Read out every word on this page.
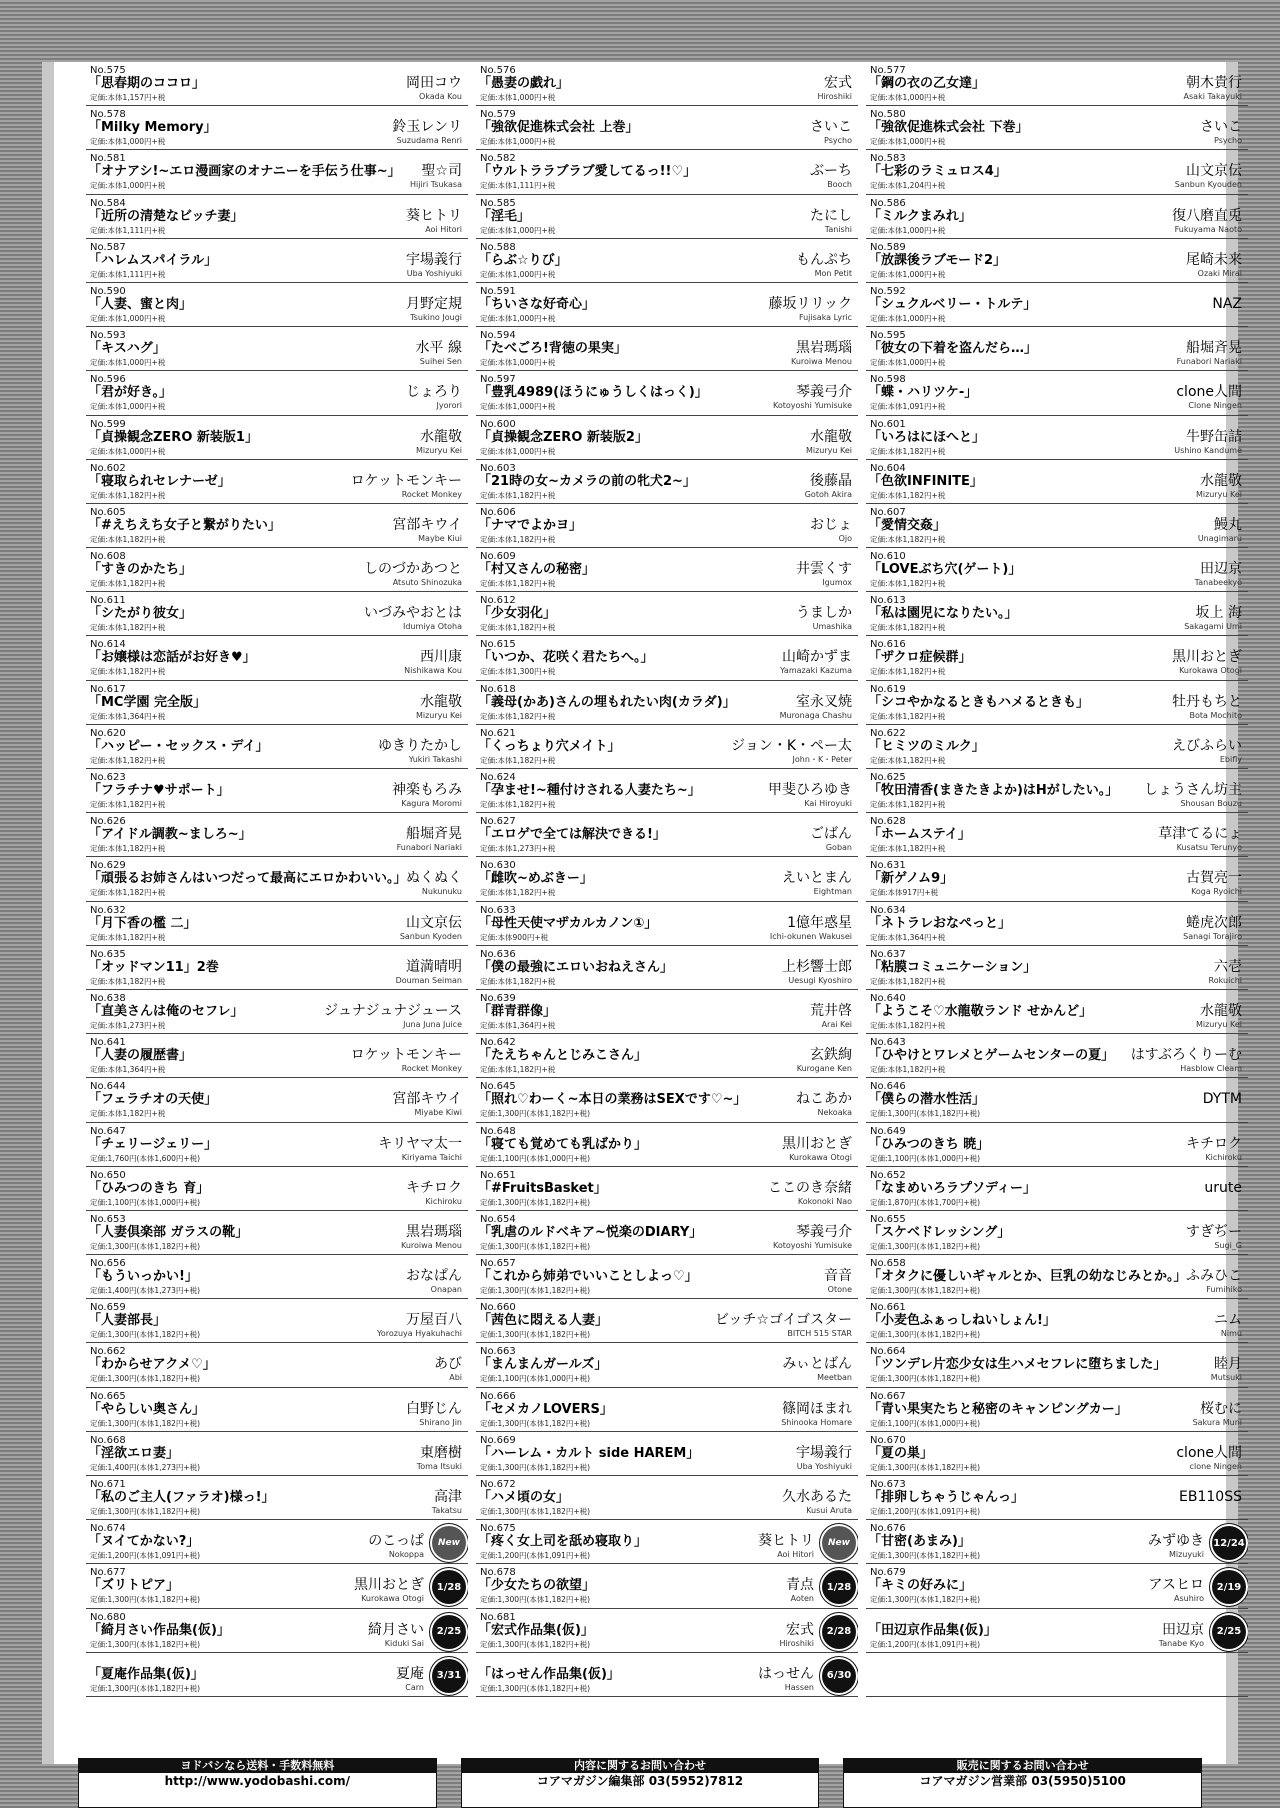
No.575
「思春期のココロ」
定価:本体1,157円+税
岡田コウ
Okada Kou
No.578
「Milky Memory」
定価:本体1,000円+税
鈴玉レンリ
Suzudama Renri
No.581
「オナアシ!~エロ漫画家のオナニーを手伝う仕事~」
定価:本体1,000円+税
聖☆司
Hijiri Tsukasa
No.584
「近所の清楚なビッチ妻」
定価:本体1,111円+税
葵ヒトリ
Aoi Hitori
No.587
「ハレムスパイラル」
定価:本体1,111円+税
宇場義行
Uba Yoshiyuki
No.590
「人妻、蜜と肉」
定価:本体1,000円+税
月野定規
Tsukino Jougi
No.593
「キスハグ」
定価:本体1,000円+税
水平 線
Suihei Sen
No.596
「君が好き。」
定価:本体1,000円+税
じょろり
Jyorori
No.599
「貞操観念ZERO 新装版1」
定価:本体1,000円+税
水龍敬
Mizuryu Kei
No.602
「寝取られセレナーゼ」
定価:本体1,182円+税
ロケットモンキー
Rocket Monkey
No.605
「#えちえち女子と繋がりたい」
定価:本体1,182円+税
宮部キウイ
Maybe Kiui
No.608
「すきのかたち」
定価:本体1,182円+税
しのづかあつと
Atsuto Shinozuka
No.611
「シたがり彼女」
定価:本体1,182円+税
いづみやおとは
Idumiya Otoha
No.614
「お嬢様は恋話がお好き♥」
定価:本体1,182円+税
西川康
Nishikawa Kou
No.617
「MC学園 完全版」
定価:本体1,364円+税
水龍敬
Mizuryu Kei
No.620
「ハッピー・セックス・デイ」
定価:本体1,182円+税
ゆきりたかし
Yukiri Takashi
No.623
「フラチナ♥サポート」
定価:本体1,182円+税
神楽もろみ
Kagura Moromi
No.626
「アイドル調教~ましろ~」
定価:本体1,182円+税
船堀斉晃
Funabori Nariaki
No.629
「頑張るお姉さんはいつだって最高にエロかわいい。」
定価:本体1,182円+税
ぬくぬく
Nukunuku
No.632
「月下香の檻 二」
定価:本体1,182円+税
山文京伝
Sanbun Kyoden
No.635
「オッドマン11」2巻
定価:本体1,182円+税
道満晴明
Douman Seiman
No.638
「直美さんは俺のセフレ」
定価:本体1,273円+税
ジュナジュナジュース
Juna Juna Juice
No.641
「人妻の履歴書」
定価:本体1,364円+税
ロケットモンキー
Rocket Monkey
No.644
「フェラチオの天使」
定価:本体1,182円+税
宮部キウイ
Miyabe Kiwi
No.647
「チェリージェリー」
定価:1,760円(本体1,600円+税)
キリヤマ太一
Kiriyama Taichi
No.650
「ひみつのきち 育」
定価:1,100円(本体1,000円+税)
キチロク
Kichiroku
No.653
「人妻倶楽部 ガラスの靴」
定価:1,300円(本体1,182円+税)
黒岩瑪瑙
Kuroiwa Menou
No.656
「もういっかい!」
定価:1,400円(本体1,273円+税)
おなぱん
Onapan
No.659
「人妻部長」
定価:1,300円(本体1,182円+税)
万屋百八
Yorozuya Hyakuhachi
No.662
「わからせアクメ♡」
定価:1,300円(本体1,182円+税)
あび
Abi
No.665
「やらしい奥さん」
定価:1,300円(本体1,182円+税)
白野じん
Shirano Jin
No.668
「淫欲エロ妻」
定価:1,400円(本体1,273円+税)
東磨樹
Toma Itsuki
No.671
「私のご主人(ファラオ)様っ!」
定価:1,300円(本体1,182円+税)
高津
Takatsu
No.674
「ヌイてかない?」
定価:1,200円(本体1,091円+税)
のこっぱ
Nokoppa
New
No.677
「ズリトピア」
定価:1,300円(本体1,182円+税)
黒川おとぎ
Kurokawa Otogi
1/28
No.680
「綺月さい作品集(仮)」
定価:1,300円(本体1,182円+税)
綺月さい
Kiduki Sai
2/25
「夏庵作品集(仮)」
定価:1,300円(本体1,182円+税)
夏庵
Carn
3/31
No.576
「愚妻の戯れ」
定価:本体1,000円+税
宏式
Hiroshiki
No.579
「強欲促進株式会社 上巻」
定価:本体1,000円+税
さいこ
Psycho
No.582
「ウルトララブラブ愛してるっ!!♡」
定価:本体1,111円+税
ぶーち
Booch
No.585
「淫毛」
定価:本体1,000円+税
たにし
Tanishi
No.588
「らぶ☆りび」
定価:本体1,000円+税
もんぷち
Mon Petit
No.591
「ちいさな好奇心」
定価:本体1,000円+税
藤坂リリック
Fujisaka Lyric
No.594
「たべごろ!背徳の果実」
定価:本体1,000円+税
黒岩瑪瑙
Kuroiwa Menou
No.597
「豊乳4989(ほうにゅうしくはっく)」
定価:本体1,000円+税
琴義弓介
Kotoyoshi Yumisuke
No.600
「貞操観念ZERO 新装版2」
定価:本体1,000円+税
水龍敬
Mizuryu Kei
No.603
「21時の女~カメラの前の牝犬2~」
定価:本体1,182円+税
後藤晶
Gotoh Akira
No.606
「ナマでよかヨ」
定価:本体1,182円+税
おじょ
Ojo
No.609
「村又さんの秘密」
定価:本体1,182円+税
井雲くす
Igumox
No.612
「少女羽化」
定価:本体1,182円+税
うましか
Umashika
No.615
「いつか、花咲く君たちへ。」
定価:本体1,300円+税
山崎かずま
Yamazaki Kazuma
No.618
「義母(かあ)さんの埋もれたい肉(カラダ)」
定価:本体1,182円+税
室永叉焼
Muronaga Chashu
No.621
「くっちょり穴メイト」
定価:本体1,182円+税
ジョン・K・ペー太
John・K・Peter
No.624
「孕ませ!~種付けされる人妻たち~」
定価:本体1,182円+税
甲斐ひろゆき
Kai Hiroyuki
No.627
「エロゲで全ては解決できる!」
定価:本体1,273円+税
ごばん
Goban
No.630
「雌吹~めぶきー」
定価:本体1,182円+税
えいとまん
Eightman
No.633
「母性天使マザカルカノン①」
定価:本体900円+税
1億年惑星
Ichi-okunen Wakusei
No.636
「僕の最強にエロいおねえさん」
定価:本体1,182円+税
上杉響士郎
Uesugi Kyoshiro
No.639
「群青群像」
定価:本体1,364円+税
荒井啓
Arai Kei
No.642
「たえちゃんとじみこさん」
定価:本体1,182円+税
玄鉄絢
Kurogane Ken
No.645
「照れ♡わーく~本日の業務はSEXです♡~」
定価:1,300円(本体1,182円+税)
ねこあか
Nekoaka
No.648
「寝ても覚めても乳ばかり」
定価:1,100円(本体1,000円+税)
黒川おとぎ
Kurokawa Otogi
No.651
「#FruitsBasket」
定価:1,300円(本体1,182円+税)
ここのき奈緒
Kokonoki Nao
No.654
「乳虐のルドベキア~悦楽のDIARY」
定価:1,300円(本体1,182円+税)
琴義弓介
Kotoyoshi Yumisuke
No.657
「これから姉弟でいいことしよっ♡」
定価:1,300円(本体1,182円+税)
音音
Otone
No.660
「茜色に悶える人妻」
定価:1,300円(本体1,182円+税)
ビッチ☆ゴイゴスター
BITCH 515 STAR
No.663
「まんまんガールズ」
定価:1,100円(本体1,000円+税)
みぃとばん
Meetban
No.666
「セメカノLOVERS」
定価:1,300円(本体1,182円+税)
篠岡ほまれ
Shinooka Homare
No.669
「ハーレム・カルト side HAREM」
定価:1,300円(本体1,182円+税)
宇場義行
Uba Yoshiyuki
No.672
「ハメ頃の女」
定価:1,300円(本体1,182円+税)
久水あるた
Kusui Aruta
No.675
「疼く女上司を舐め寝取り」
定価:1,200円(本体1,091円+税)
葵ヒトリ
Aoi Hitori
New
No.678
「少女たちの欲望」
定価:1,300円(本体1,182円+税)
青点
Aoten
1/28
No.681
「宏式作品集(仮)」
定価:1,300円(本体1,182円+税)
宏式
Hiroshiki
2/28
「はっせん作品集(仮)」
定価:1,300円(本体1,182円+税)
はっせん
Hassen
6/30
No.577
「鋼の衣の乙女達」
定価:本体1,000円+税
朝木貴行
Asaki Takayuki
No.580
「強欲促進株式会社 下巻」
定価:本体1,000円+税
さいこ
Psycho
No.583
「七彩のラミュロス4」
定価:本体1,204円+税
山文京伝
Sanbun Kyouden
No.586
「ミルクまみれ」
定価:本体1,000円+税
復八磨直兎
Fukuyama Naoto
No.589
「放課後ラブモード2」
定価:本体1,000円+税
尾崎未来
Ozaki Mirai
No.592
「シュクルベリー・トルテ」
定価:本体1,000円+税
NAZ
No.595
「彼女の下着を盗んだら…」
定価:本体1,000円+税
船堀斉晃
Funabori Nariaki
No.598
「蝶・ハリツケ-」
定価:本体1,091円+税
clone人間
Clone Ningen
No.601
「いろはにほへと」
定価:本体1,182円+税
牛野缶詰
Ushino Kandume
No.604
「色欲INFINITE」
定価:本体1,182円+税
水龍敬
Mizuryu Kei
No.607
「愛情交姦」
定価:本体1,182円+税
鰻丸
Unagimaru
No.610
「LOVEぶち穴(ゲート)」
定価:本体1,182円+税
田辺京
Tanabeekyo
No.613
「私は園児になりたい。」
定価:本体1,182円+税
坂上 海
Sakagami Umi
No.616
「ザクロ症候群」
定価:本体1,182円+税
黒川おとぎ
Kurokawa Otogi
No.619
「シコやかなるときもハメるときも」
定価:本体1,182円+税
牡丹もちと
Bota Mochito
No.622
「ヒミツのミルク」
定価:本体1,182円+税
えびふらい
Ebifly
No.625
「牧田清香(まきたきよか)はHがしたい。」
定価:本体1,182円+税
しょうさん坊主
Shousan Bouzu
No.628
「ホームステイ」
定価:本体1,182円+税
草津てるにょ
Kusatsu Terunyo
No.631
「新ゲノム9」
定価:本体917円+税
古賀亮一
Koga Ryoichi
No.634
「ネトラレおなぺっと」
定価:本体1,364円+税
蜷虎次郎
Sanagi Torajiro
No.637
「粘膜コミュニケーション」
定価:本体1,182円+税
六壱
Rokuichi
No.640
「ようこそ♡水龍敬ランド せかんど」
定価:本体1,182円+税
水龍敬
Mizuryu Kei
No.643
「ひやけとワレメとゲームセンターの夏」
定価:本体1,182円+税
はすぶろくりーむ
Hasblow Cleam
No.646
「僕らの潜水性活」
定価:1,300円(本体1,182円+税)
DYTM
No.649
「ひみつのきち 暁」
定価:1,100円(本体1,000円+税)
キチロク
Kichiroku
No.652
「なまめいろラプソディー」
定価:1,870円(本体1,700円+税)
urute
No.655
「スケベドレッシング」
定価:1,300円(本体1,182円+税)
すぎぢー
Sugi_G
No.658
「オタクに優しいギャルとか、巨乳の幼なじみとか。」
定価:1,300円(本体1,182円+税)
ふみひこ
Fumihiko
No.661
「小麦色ふぁっしねいしょん!」
定価:1,300円(本体1,182円+税)
ニム
Nimu
No.664
「ツンデレ片恋少女は生ハメセフレに堕ちました」
定価:1,300円(本体1,182円+税)
睦月
Mutsuki
No.667
「青い果実たちと秘密のキャンピングカー」
定価:1,100円(本体1,000円+税)
桜むに
Sakura Muni
No.670
「夏の巣」
定価:1,300円(本体1,182円+税)
clone人間
clone Ningen
No.673
「排卵しちゃうじゃんっ」
定価:1,200円(本体1,091円+税)
EB110SS
No.676
「甘密(あまみ)」
定価:1,300円(本体1,182円+税)
みずゆき
Mizuyuki
12/24
No.679
「キミの好みに」
定価:1,300円(本体1,182円+税)
アスヒロ
Asuhiro
2/19
「田辺京作品集(仮)」
定価:1,200円(本体1,091円+税)
田辺京
Tanabe Kyo
2/25
ヨドバシなら送料・手数料無料
http://www.yodobashi.com/
内容に関するお問い合わせ
コアマガジン編集部 03(5952)7812
販売に関するお問い合わせ
コアマガジン営業部 03(5950)5100
